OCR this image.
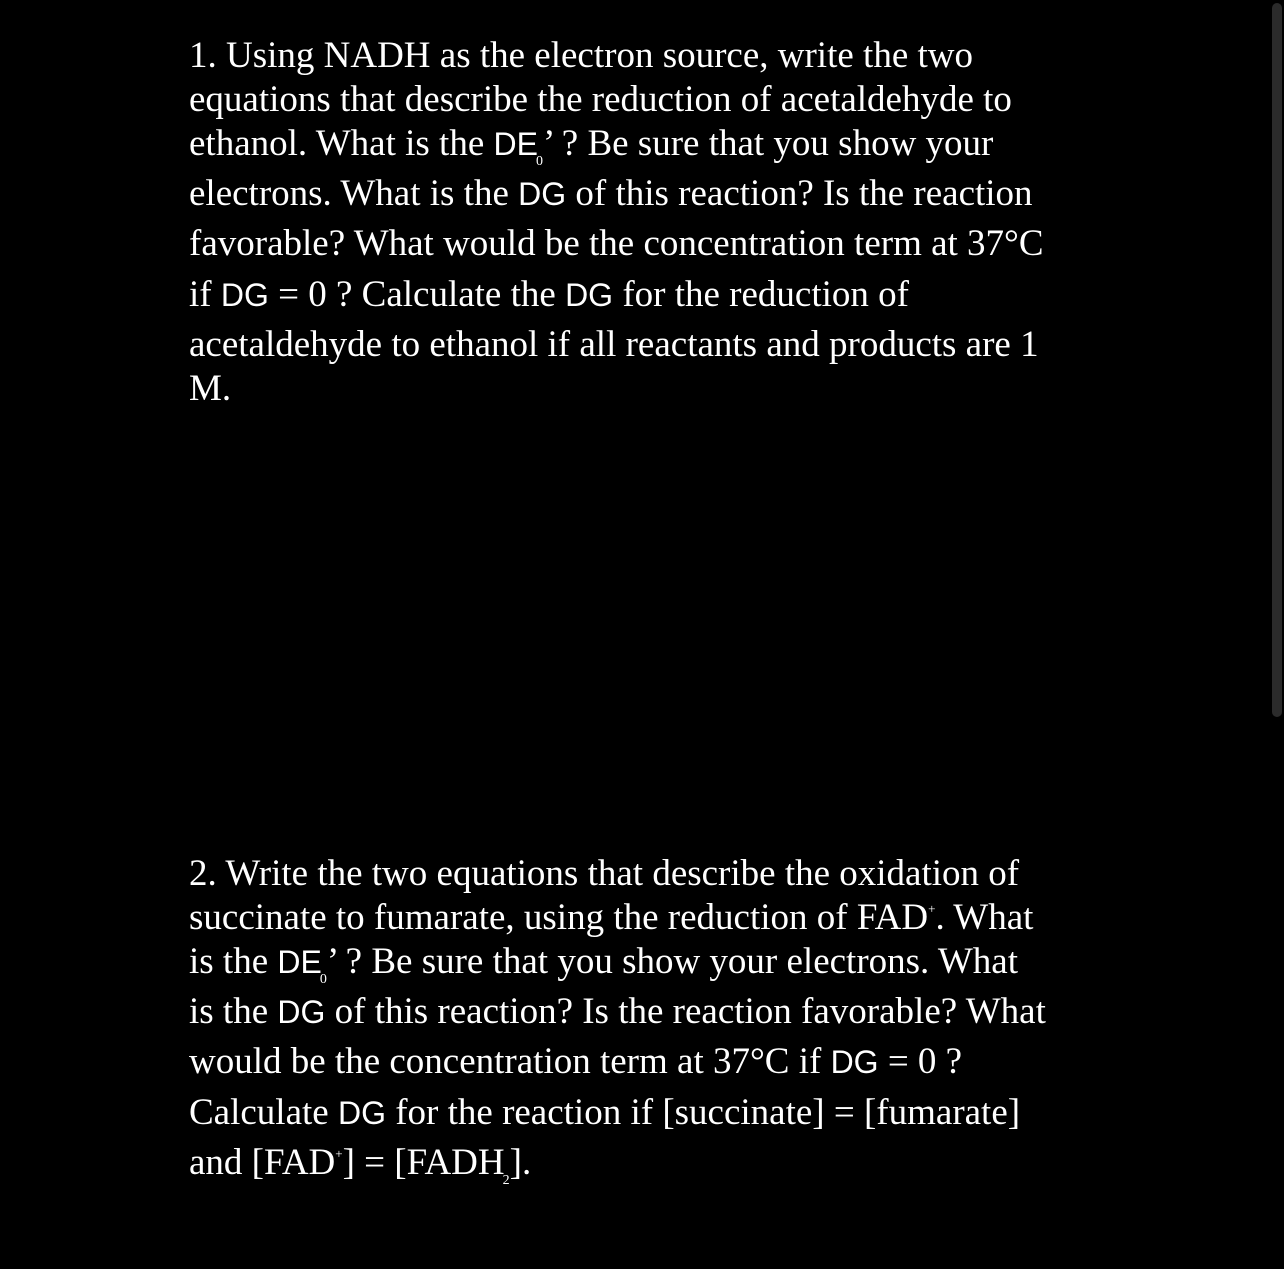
1. Using NADH as the electron source, write the two
equations that describe the reduction of acetaldehyde to
ethanol. What is the $DE_0$’ ? Be sure that you show your
electrons. What is the DG of this reaction? Is the reaction
favorable? What would be the concentration term at 37°C
if DG = 0 ? Calculate the DG for the reduction of
acetaldehyde to ethanol if all reactants and products are 1
M.
2. Write the two equations that describe the oxidation of
succinate to fumarate, using the reduction of FAD+. What
is the $DE_0$’ ? Be sure that you show your electrons. What
is the DG of this reaction? Is the reaction favorable? What
would be the concentration term at 37°C if DG = 0 ?
Calculate DG for the reaction if [succinate] = [fumarate]
and $[FAD^+] = [FADH_2]$.
